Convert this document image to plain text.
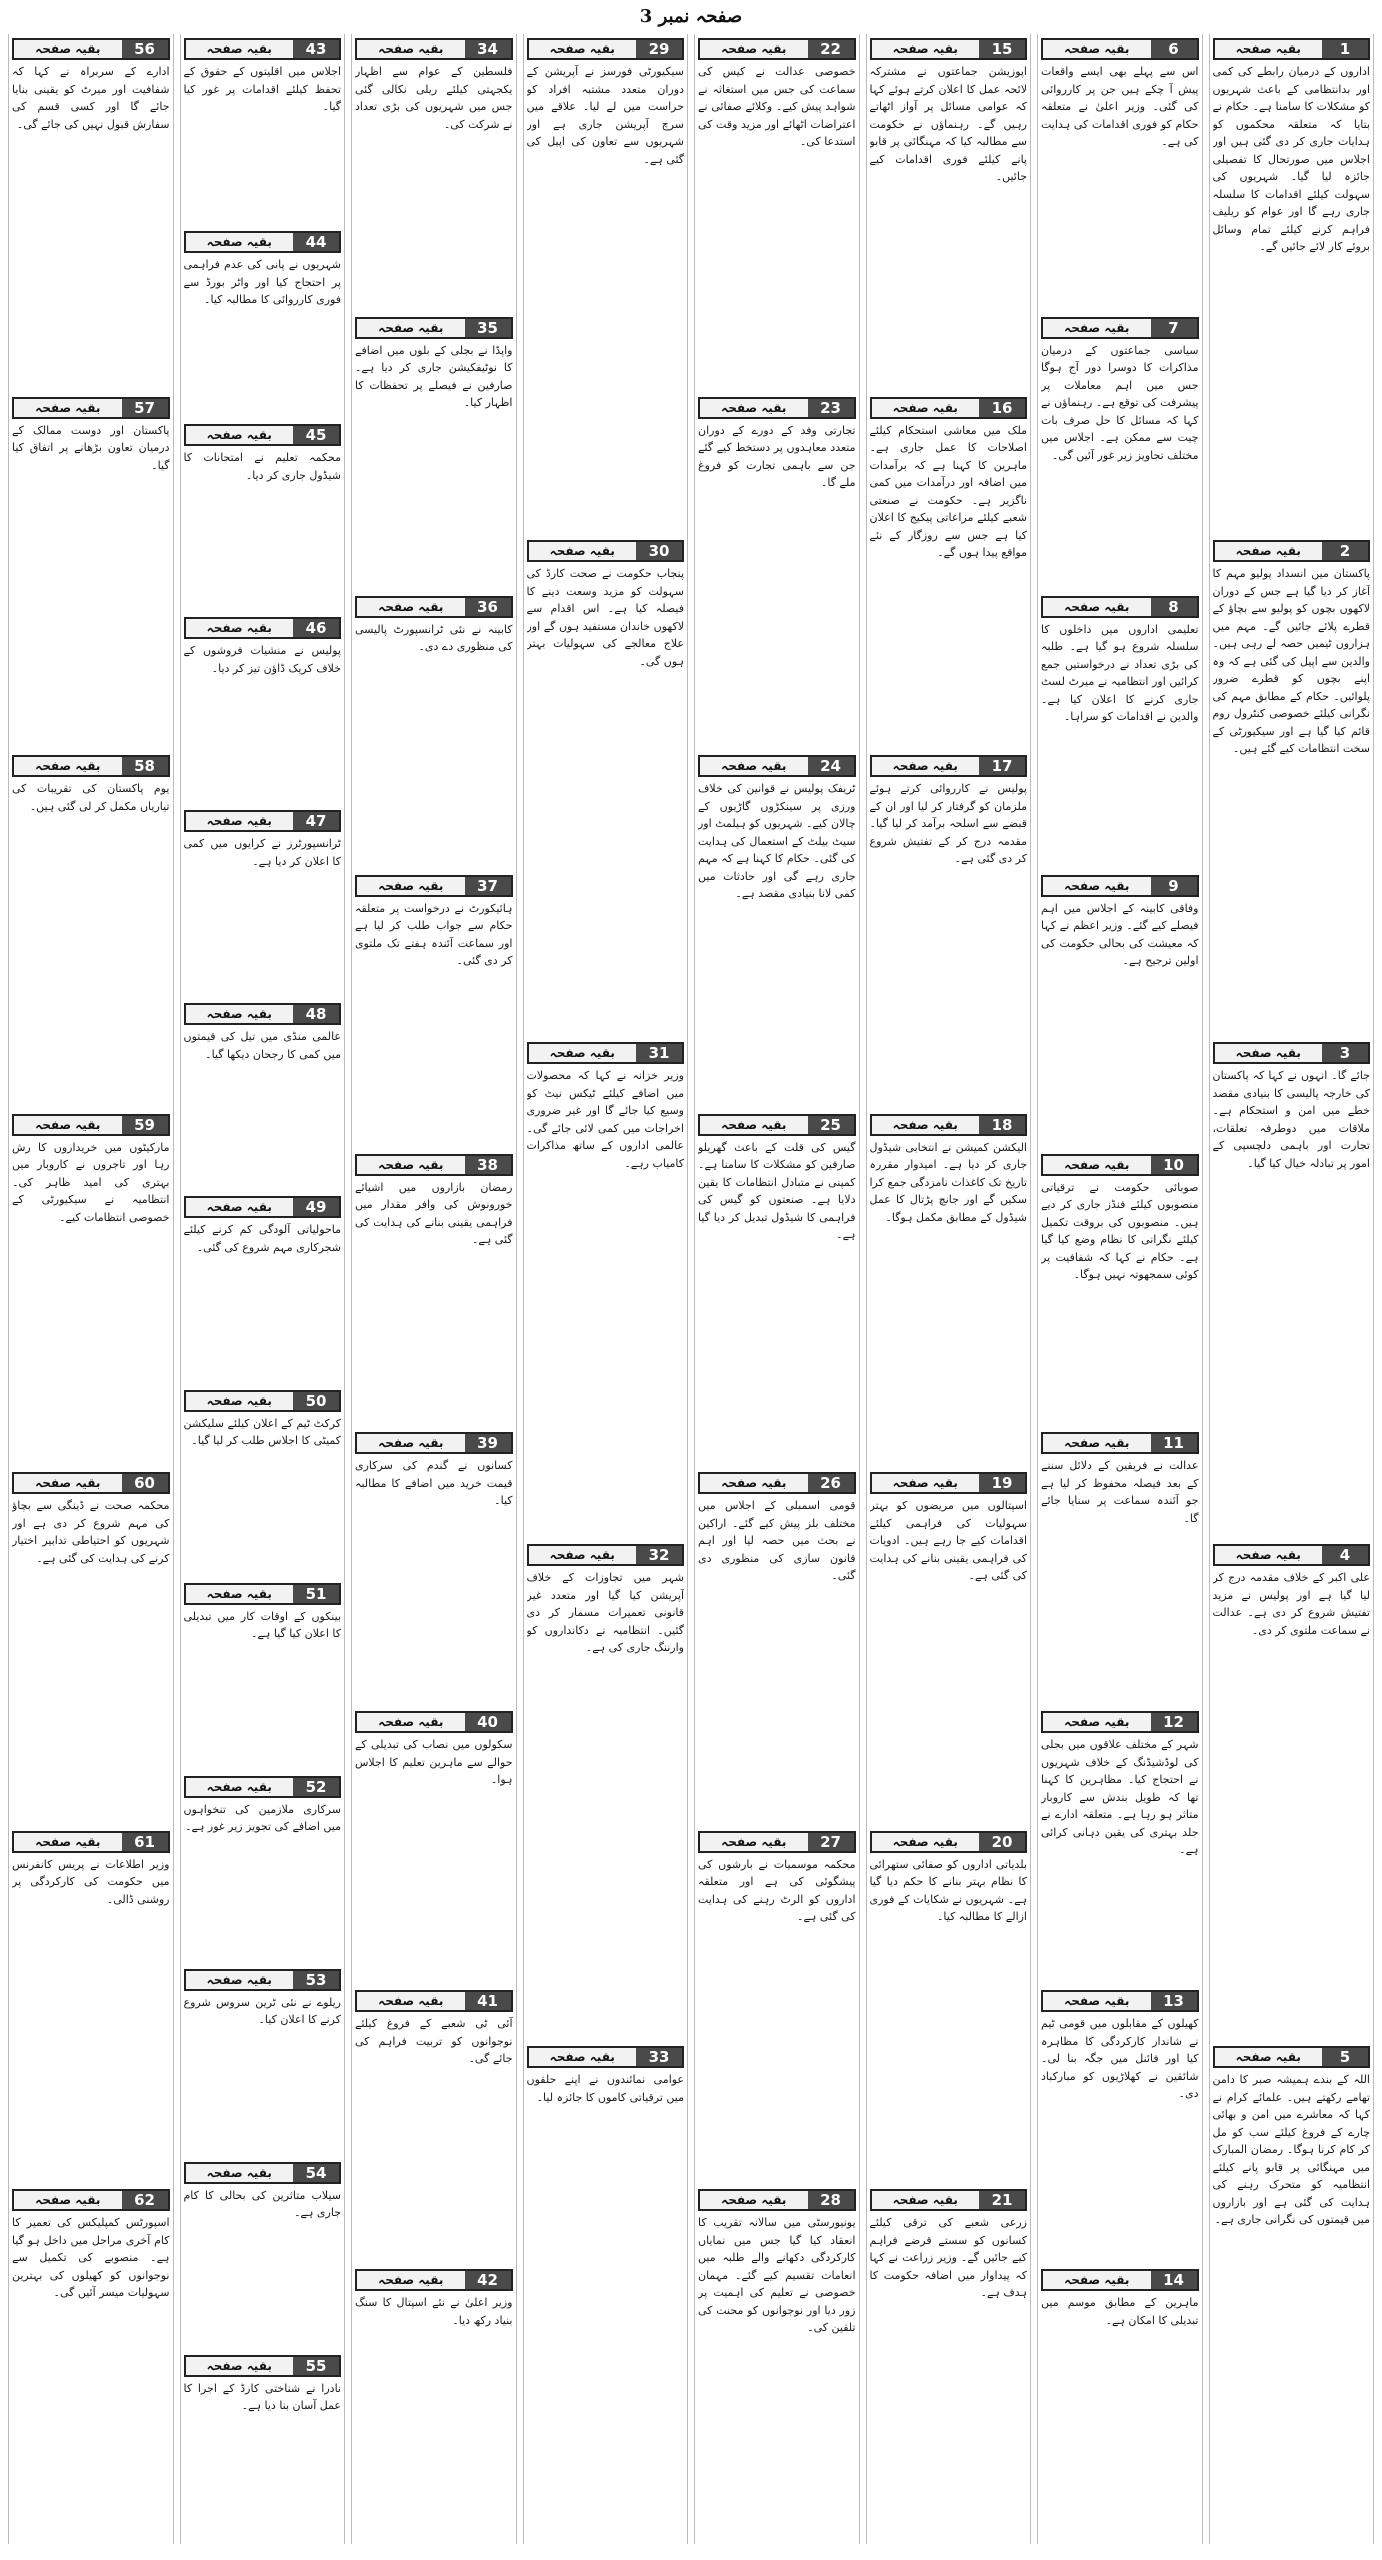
صفحہ نمبر 3
1
بقیہ صفحہ

اداروں کے درمیان رابطے کی کمی اور بدانتظامی کے باعث شہریوں کو مشکلات کا سامنا ہے۔ حکام نے بتایا کہ متعلقہ محکموں کو ہدایات جاری کر دی گئی ہیں اور اجلاس میں صورتحال کا تفصیلی جائزہ لیا گیا۔ شہریوں کی سہولت کیلئے اقدامات کا سلسلہ جاری رہے گا اور عوام کو ریلیف فراہم کرنے کیلئے تمام وسائل بروئے کار لائے جائیں گے۔

2
بقیہ صفحہ

پاکستان میں انسداد پولیو مہم کا آغاز کر دیا گیا ہے جس کے دوران لاکھوں بچوں کو پولیو سے بچاؤ کے قطرے پلائے جائیں گے۔ مہم میں ہزاروں ٹیمیں حصہ لے رہی ہیں۔ والدین سے اپیل کی گئی ہے کہ وہ اپنے بچوں کو قطرے ضرور پلوائیں۔ حکام کے مطابق مہم کی نگرانی کیلئے خصوصی کنٹرول روم قائم کیا گیا ہے اور سیکیورٹی کے سخت انتظامات کیے گئے ہیں۔

3
بقیہ صفحہ

جائے گا۔ انہوں نے کہا کہ پاکستان کی خارجہ پالیسی کا بنیادی مقصد خطے میں امن و استحکام ہے۔ ملاقات میں دوطرفہ تعلقات، تجارت اور باہمی دلچسپی کے امور پر تبادلہ خیال کیا گیا۔

4
بقیہ صفحہ

علی اکبر کے خلاف مقدمہ درج کر لیا گیا ہے اور پولیس نے مزید تفتیش شروع کر دی ہے۔ عدالت نے سماعت ملتوی کر دی۔

5
بقیہ صفحہ

اللہ کے بندے ہمیشہ صبر کا دامن تھامے رکھتے ہیں۔ علمائے کرام نے کہا کہ معاشرے میں امن و بھائی چارے کے فروغ کیلئے سب کو مل کر کام کرنا ہوگا۔ رمضان المبارک میں مہنگائی پر قابو پانے کیلئے انتظامیہ کو متحرک رہنے کی ہدایت کی گئی ہے اور بازاروں میں قیمتوں کی نگرانی جاری ہے۔

6
بقیہ صفحہ

اس سے پہلے بھی ایسے واقعات پیش آ چکے ہیں جن پر کارروائی کی گئی۔ وزیر اعلیٰ نے متعلقہ حکام کو فوری اقدامات کی ہدایت کی ہے۔

7
بقیہ صفحہ

سیاسی جماعتوں کے درمیان مذاکرات کا دوسرا دور آج ہوگا جس میں اہم معاملات پر پیشرفت کی توقع ہے۔ رہنماؤں نے کہا کہ مسائل کا حل صرف بات چیت سے ممکن ہے۔ اجلاس میں مختلف تجاویز زیر غور آئیں گی۔

8
بقیہ صفحہ

تعلیمی اداروں میں داخلوں کا سلسلہ شروع ہو گیا ہے۔ طلبہ کی بڑی تعداد نے درخواستیں جمع کرائیں اور انتظامیہ نے میرٹ لسٹ جاری کرنے کا اعلان کیا ہے۔ والدین نے اقدامات کو سراہا۔

9
بقیہ صفحہ

وفاقی کابینہ کے اجلاس میں اہم فیصلے کیے گئے۔ وزیر اعظم نے کہا کہ معیشت کی بحالی حکومت کی اولین ترجیح ہے۔

10
بقیہ صفحہ

صوبائی حکومت نے ترقیاتی منصوبوں کیلئے فنڈز جاری کر دیے ہیں۔ منصوبوں کی بروقت تکمیل کیلئے نگرانی کا نظام وضع کیا گیا ہے۔ حکام نے کہا کہ شفافیت پر کوئی سمجھوتہ نہیں ہوگا۔

11
بقیہ صفحہ

عدالت نے فریقین کے دلائل سننے کے بعد فیصلہ محفوظ کر لیا ہے جو آئندہ سماعت پر سنایا جائے گا۔

12
بقیہ صفحہ

شہر کے مختلف علاقوں میں بجلی کی لوڈشیڈنگ کے خلاف شہریوں نے احتجاج کیا۔ مظاہرین کا کہنا تھا کہ طویل بندش سے کاروبار متاثر ہو رہا ہے۔ متعلقہ ادارے نے جلد بہتری کی یقین دہانی کرائی ہے۔

13
بقیہ صفحہ

کھیلوں کے مقابلوں میں قومی ٹیم نے شاندار کارکردگی کا مظاہرہ کیا اور فائنل میں جگہ بنا لی۔ شائقین نے کھلاڑیوں کو مبارکباد دی۔

14
بقیہ صفحہ

ماہرین کے مطابق موسم میں تبدیلی کا امکان ہے۔

15
بقیہ صفحہ

اپوزیشن جماعتوں نے مشترکہ لائحہ عمل کا اعلان کرتے ہوئے کہا کہ عوامی مسائل پر آواز اٹھاتے رہیں گے۔ رہنماؤں نے حکومت سے مطالبہ کیا کہ مہنگائی پر قابو پانے کیلئے فوری اقدامات کیے جائیں۔

16
بقیہ صفحہ

ملک میں معاشی استحکام کیلئے اصلاحات کا عمل جاری ہے۔ ماہرین کا کہنا ہے کہ برآمدات میں اضافہ اور درآمدات میں کمی ناگزیر ہے۔ حکومت نے صنعتی شعبے کیلئے مراعاتی پیکیج کا اعلان کیا ہے جس سے روزگار کے نئے مواقع پیدا ہوں گے۔

17
بقیہ صفحہ

پولیس نے کارروائی کرتے ہوئے ملزمان کو گرفتار کر لیا اور ان کے قبضے سے اسلحہ برآمد کر لیا گیا۔ مقدمہ درج کر کے تفتیش شروع کر دی گئی ہے۔

18
بقیہ صفحہ

الیکشن کمیشن نے انتخابی شیڈول جاری کر دیا ہے۔ امیدوار مقررہ تاریخ تک کاغذات نامزدگی جمع کرا سکیں گے اور جانچ پڑتال کا عمل شیڈول کے مطابق مکمل ہوگا۔

19
بقیہ صفحہ

اسپتالوں میں مریضوں کو بہتر سہولیات کی فراہمی کیلئے اقدامات کیے جا رہے ہیں۔ ادویات کی فراہمی یقینی بنانے کی ہدایت کی گئی ہے۔

20
بقیہ صفحہ

بلدیاتی اداروں کو صفائی ستھرائی کا نظام بہتر بنانے کا حکم دیا گیا ہے۔ شہریوں نے شکایات کے فوری ازالے کا مطالبہ کیا۔

21
بقیہ صفحہ

زرعی شعبے کی ترقی کیلئے کسانوں کو سستے قرضے فراہم کیے جائیں گے۔ وزیر زراعت نے کہا کہ پیداوار میں اضافہ حکومت کا ہدف ہے۔

22
بقیہ صفحہ

خصوصی عدالت نے کیس کی سماعت کی جس میں استغاثہ نے شواہد پیش کیے۔ وکلائے صفائی نے اعتراضات اٹھائے اور مزید وقت کی استدعا کی۔

23
بقیہ صفحہ

تجارتی وفد کے دورے کے دوران متعدد معاہدوں پر دستخط کیے گئے جن سے باہمی تجارت کو فروغ ملے گا۔

24
بقیہ صفحہ

ٹریفک پولیس نے قوانین کی خلاف ورزی پر سینکڑوں گاڑیوں کے چالان کیے۔ شہریوں کو ہیلمٹ اور سیٹ بیلٹ کے استعمال کی ہدایت کی گئی۔ حکام کا کہنا ہے کہ مہم جاری رہے گی اور حادثات میں کمی لانا بنیادی مقصد ہے۔

25
بقیہ صفحہ

گیس کی قلت کے باعث گھریلو صارفین کو مشکلات کا سامنا ہے۔ کمپنی نے متبادل انتظامات کا یقین دلایا ہے۔ صنعتوں کو گیس کی فراہمی کا شیڈول تبدیل کر دیا گیا ہے۔

26
بقیہ صفحہ

قومی اسمبلی کے اجلاس میں مختلف بلز پیش کیے گئے۔ اراکین نے بحث میں حصہ لیا اور اہم قانون سازی کی منظوری دی گئی۔

27
بقیہ صفحہ

محکمہ موسمیات نے بارشوں کی پیشگوئی کی ہے اور متعلقہ اداروں کو الرٹ رہنے کی ہدایت کی گئی ہے۔

28
بقیہ صفحہ

یونیورسٹی میں سالانہ تقریب کا انعقاد کیا گیا جس میں نمایاں کارکردگی دکھانے والے طلبہ میں انعامات تقسیم کیے گئے۔ مہمان خصوصی نے تعلیم کی اہمیت پر زور دیا اور نوجوانوں کو محنت کی تلقین کی۔

29
بقیہ صفحہ

سیکیورٹی فورسز نے آپریشن کے دوران متعدد مشتبہ افراد کو حراست میں لے لیا۔ علاقے میں سرچ آپریشن جاری ہے اور شہریوں سے تعاون کی اپیل کی گئی ہے۔

30
بقیہ صفحہ

پنجاب حکومت نے صحت کارڈ کی سہولت کو مزید وسعت دینے کا فیصلہ کیا ہے۔ اس اقدام سے لاکھوں خاندان مستفید ہوں گے اور علاج معالجے کی سہولیات بہتر ہوں گی۔

31
بقیہ صفحہ

وزیر خزانہ نے کہا کہ محصولات میں اضافے کیلئے ٹیکس نیٹ کو وسیع کیا جائے گا اور غیر ضروری اخراجات میں کمی لائی جائے گی۔ عالمی اداروں کے ساتھ مذاکرات کامیاب رہے۔

32
بقیہ صفحہ

شہر میں تجاوزات کے خلاف آپریشن کیا گیا اور متعدد غیر قانونی تعمیرات مسمار کر دی گئیں۔ انتظامیہ نے دکانداروں کو وارننگ جاری کی ہے۔

33
بقیہ صفحہ

عوامی نمائندوں نے اپنے حلقوں میں ترقیاتی کاموں کا جائزہ لیا۔

34
بقیہ صفحہ

فلسطین کے عوام سے اظہار یکجہتی کیلئے ریلی نکالی گئی جس میں شہریوں کی بڑی تعداد نے شرکت کی۔

35
بقیہ صفحہ

واپڈا نے بجلی کے بلوں میں اضافے کا نوٹیفکیشن جاری کر دیا ہے۔ صارفین نے فیصلے پر تحفظات کا اظہار کیا۔

36
بقیہ صفحہ

کابینہ نے نئی ٹرانسپورٹ پالیسی کی منظوری دے دی۔

37
بقیہ صفحہ

ہائیکورٹ نے درخواست پر متعلقہ حکام سے جواب طلب کر لیا ہے اور سماعت آئندہ ہفتے تک ملتوی کر دی گئی۔

38
بقیہ صفحہ

رمضان بازاروں میں اشیائے خورونوش کی وافر مقدار میں فراہمی یقینی بنانے کی ہدایت کی گئی ہے۔

39
بقیہ صفحہ

کسانوں نے گندم کی سرکاری قیمت خرید میں اضافے کا مطالبہ کیا۔

40
بقیہ صفحہ

سکولوں میں نصاب کی تبدیلی کے حوالے سے ماہرین تعلیم کا اجلاس ہوا۔

41
بقیہ صفحہ

آئی ٹی شعبے کے فروغ کیلئے نوجوانوں کو تربیت فراہم کی جائے گی۔

42
بقیہ صفحہ

وزیر اعلیٰ نے نئے اسپتال کا سنگ بنیاد رکھ دیا۔

43
بقیہ صفحہ

اجلاس میں اقلیتوں کے حقوق کے تحفظ کیلئے اقدامات پر غور کیا گیا۔

44
بقیہ صفحہ

شہریوں نے پانی کی عدم فراہمی پر احتجاج کیا اور واٹر بورڈ سے فوری کارروائی کا مطالبہ کیا۔

45
بقیہ صفحہ

محکمہ تعلیم نے امتحانات کا شیڈول جاری کر دیا۔

46
بقیہ صفحہ

پولیس نے منشیات فروشوں کے خلاف کریک ڈاؤن تیز کر دیا۔

47
بقیہ صفحہ

ٹرانسپورٹرز نے کرایوں میں کمی کا اعلان کر دیا ہے۔

48
بقیہ صفحہ

عالمی منڈی میں تیل کی قیمتوں میں کمی کا رجحان دیکھا گیا۔

49
بقیہ صفحہ

ماحولیاتی آلودگی کم کرنے کیلئے شجرکاری مہم شروع کی گئی۔

50
بقیہ صفحہ

کرکٹ ٹیم کے اعلان کیلئے سلیکشن کمیٹی کا اجلاس طلب کر لیا گیا۔

51
بقیہ صفحہ

بینکوں کے اوقات کار میں تبدیلی کا اعلان کیا گیا ہے۔

52
بقیہ صفحہ

سرکاری ملازمین کی تنخواہوں میں اضافے کی تجویز زیر غور ہے۔

53
بقیہ صفحہ

ریلوے نے نئی ٹرین سروس شروع کرنے کا اعلان کیا۔

54
بقیہ صفحہ

سیلاب متاثرین کی بحالی کا کام جاری ہے۔

55
بقیہ صفحہ

نادرا نے شناختی کارڈ کے اجرا کا عمل آسان بنا دیا ہے۔

56
بقیہ صفحہ

ادارے کے سربراہ نے کہا کہ شفافیت اور میرٹ کو یقینی بنایا جائے گا اور کسی قسم کی سفارش قبول نہیں کی جائے گی۔

57
بقیہ صفحہ

پاکستان اور دوست ممالک کے درمیان تعاون بڑھانے پر اتفاق کیا گیا۔

58
بقیہ صفحہ

یوم پاکستان کی تقریبات کی تیاریاں مکمل کر لی گئی ہیں۔

59
بقیہ صفحہ

مارکیٹوں میں خریداروں کا رش رہا اور تاجروں نے کاروبار میں بہتری کی امید ظاہر کی۔ انتظامیہ نے سیکیورٹی کے خصوصی انتظامات کیے۔

60
بقیہ صفحہ

محکمہ صحت نے ڈینگی سے بچاؤ کی مہم شروع کر دی ہے اور شہریوں کو احتیاطی تدابیر اختیار کرنے کی ہدایت کی گئی ہے۔

61
بقیہ صفحہ

وزیر اطلاعات نے پریس کانفرنس میں حکومت کی کارکردگی پر روشنی ڈالی۔

62
بقیہ صفحہ

اسپورٹس کمپلیکس کی تعمیر کا کام آخری مراحل میں داخل ہو گیا ہے۔ منصوبے کی تکمیل سے نوجوانوں کو کھیلوں کی بہترین سہولیات میسر آئیں گی۔
